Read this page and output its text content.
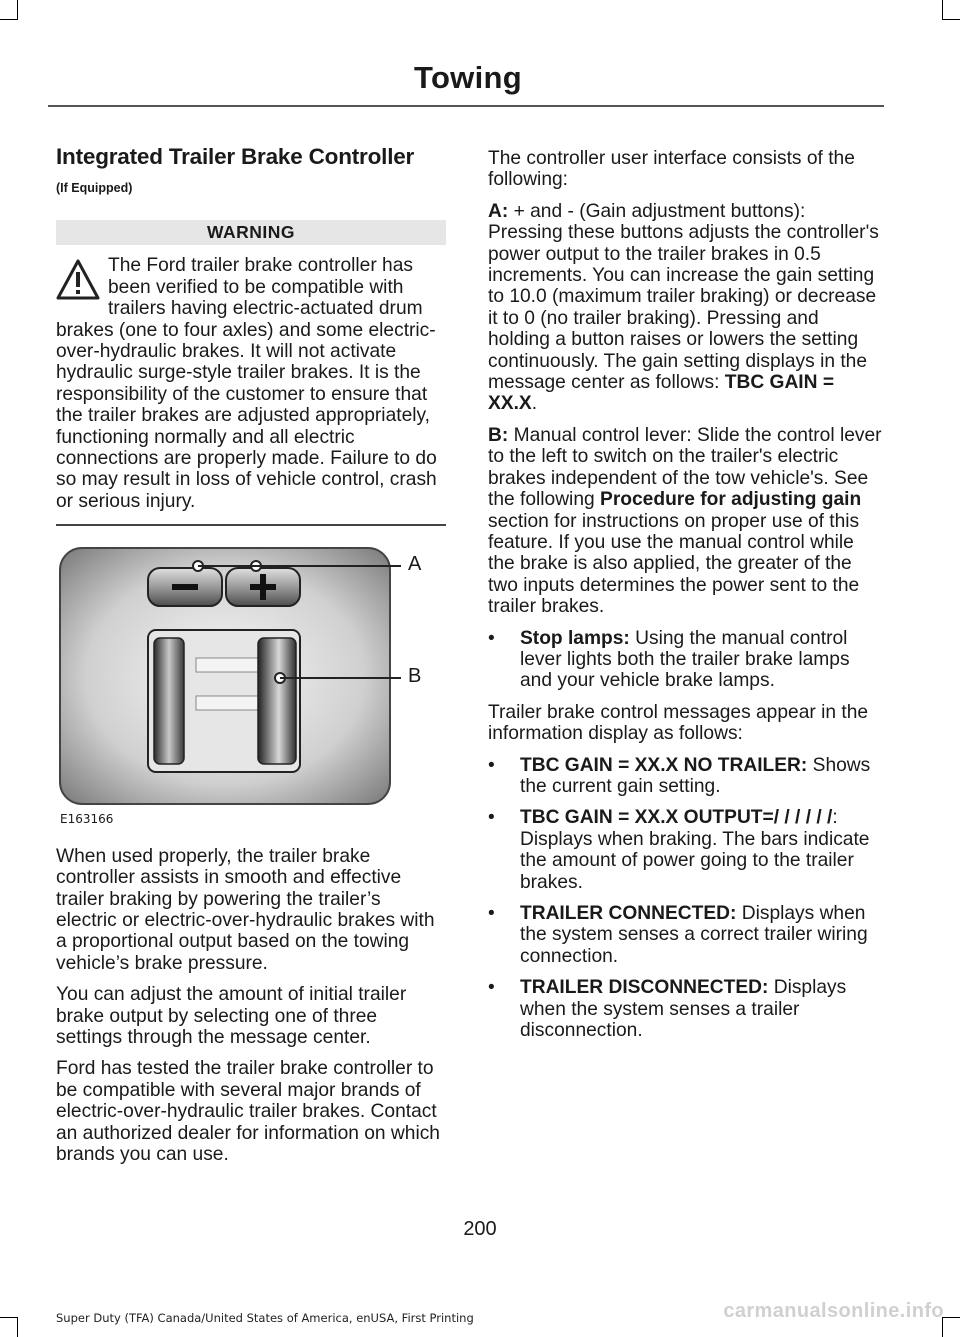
Towing
Integrated Trailer Brake Controller
(If Equipped)
WARNING

The Ford trailer brake controller has been verified to be compatible with trailers having electric-actuated drum brakes (one to four axles) and some electric-over-hydraulic brakes. It will not activate hydraulic surge-style trailer brakes. It is the responsibility of the customer to ensure that the trailer brakes are adjusted appropriately, functioning normally and all electric connections are properly made. Failure to do so may result in loss of vehicle control, crash or serious injury.

A
B
E163166

When used properly, the trailer brake controller assists in smooth and effective trailer braking by powering the trailer’s electric or electric-over-hydraulic brakes with a proportional output based on the towing vehicle’s brake pressure.

You can adjust the amount of initial trailer brake output by selecting one of three settings through the message center.

Ford has tested the trailer brake controller to be compatible with several major brands of electric-over-hydraulic trailer brakes. Contact an authorized dealer for information on which brands you can use.

The controller user interface consists of the following:

A: + and - (Gain adjustment buttons): Pressing these buttons adjusts the controller's power output to the trailer brakes in 0.5 increments. You can increase the gain setting to 10.0 (maximum trailer braking) or decrease it to 0 (no trailer braking). Pressing and holding a button raises or lowers the setting continuously. The gain setting displays in the message center as follows: TBC GAIN = XX.X.

B: Manual control lever: Slide the control lever to the left to switch on the trailer's electric brakes independent of the tow vehicle's. See the following Procedure for adjusting gain section for instructions on proper use of this feature. If you use the manual control while the brake is also applied, the greater of the two inputs determines the power sent to the trailer brakes.

•	Stop lamps: Using the manual control lever lights both the trailer brake lamps and your vehicle brake lamps.

Trailer brake control messages appear in the information display as follows:

•	TBC GAIN = XX.X NO TRAILER: Shows the current gain setting.
•	TBC GAIN = XX.X OUTPUT=/ / / / / /: Displays when braking. The bars indicate the amount of power going to the trailer brakes.
•	TRAILER CONNECTED: Displays when the system senses a correct trailer wiring connection.
•	TRAILER DISCONNECTED: Displays when the system senses a trailer disconnection.
200
Super Duty (TFA) Canada/United States of America, enUSA, First Printing	carmanualsonline.info
